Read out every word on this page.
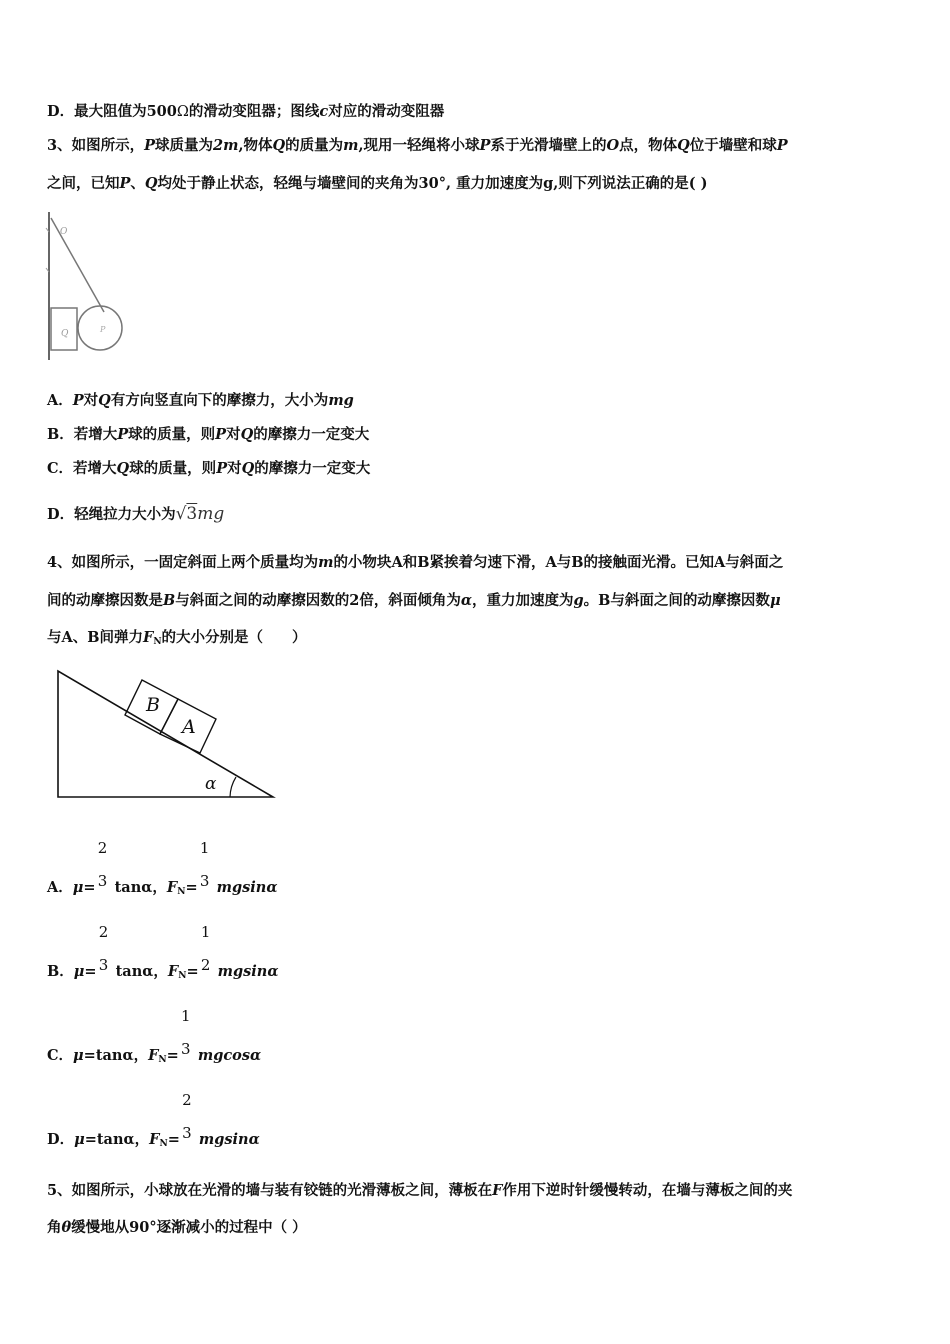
D．最大阻值为500Ω的滑动变阻器；图线c对应的滑动变阻器
3、如图所示，P球质量为2m,物体Q的质量为m,现用一轻绳将小球P系于光滑墙壁上的O点，物体Q位于墙壁和球P
之间，已知P、Q均处于静止状态，轻绳与墙壁间的夹角为30°, 重力加速度为g,则下列说法正确的是( )
O
Q	P
A．P对Q有方向竖直向下的摩擦力，大小为mg
B．若增大P球的质量，则P对Q的摩擦力一定变大
C．若增大Q球的质量，则P对Q的摩擦力一定变大
D．轻绳拉力大小为√3mg
4、如图所示，一固定斜面上两个质量均为m的小物块A和B紧挨着匀速下滑，A与B的接触面光滑。已知A与斜面之
间的动摩擦因数是B与斜面之间的动摩擦因数的2倍，斜面倾角为α，重力加速度为g。B与斜面之间的动摩擦因数μ
与A、B间弹力$F_N$的大小分别是（　　）
B
A
α
A．$\mu= \frac{2}{3}$ tanα，$F_N= \frac{1}{3}$ mgsinα
B．$\mu= \frac{2}{3}$ tanα，$F_N= \frac{1}{2}$ mgsinα
C．μ=tanα，$F_N= \frac{1}{3}$ mgcosα
D．μ=tanα，$F_N= \frac{2}{3}$ mgsinα
5、如图所示，小球放在光滑的墙与装有铰链的光滑薄板之间，薄板在F作用下逆时针缓慢转动，在墙与薄板之间的夹
角θ缓慢地从90°逐渐减小的过程中（ ）
